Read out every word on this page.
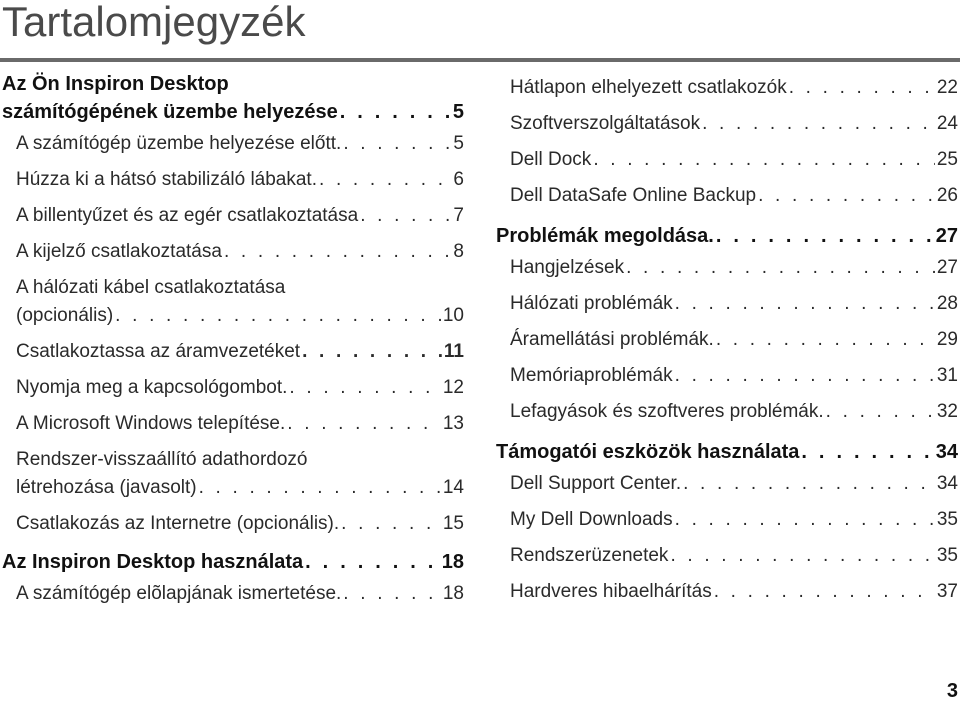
Tartalomjegyzék
Az Ön Inspiron Desktop
számítógépének üzembe helyezése . . .	5
A számítógép üzembe helyezése előtt. . . .	5
Húzza ki a hátsó stabilizáló lábakat. . . .	6
A billentyűzet és az egér csatlakoztatása . . .	7
A kijelző csatlakoztatása . . .	8
A hálózati kábel csatlakoztatása
(opcionális) . . .	10
Csatlakoztassa az áramvezetéket . . .	11
Nyomja meg a kapcsológombot. . . .	12
A Microsoft Windows telepítése. . . .	13
Rendszer-visszaállító adathordozó
létrehozása (javasolt) . . .	14
Csatlakozás az Internetre (opcionális). . . .	15
Az Inspiron Desktop használata . . .	18
A számítógép elõlapjának ismertetése. . . .	18
Hátlapon elhelyezett csatlakozók . . .	22
Szoftverszolgáltatások . . .	24
Dell Dock . . .	25
Dell DataSafe Online Backup . . .	26
Problémák megoldása. . . .	27
Hangjelzések . . .	27
Hálózati problémák . . .	28
Áramellátási problémák. . . .	29
Memóriaproblémák . . .	31
Lefagyások és szoftveres problémák. . . .	32
Támogatói eszközök használata . . .	34
Dell Support Center. . . .	34
My Dell Downloads . . .	35
Rendszerüzenetek . . .	35
Hardveres hibaelhárítás . . .	37
3
